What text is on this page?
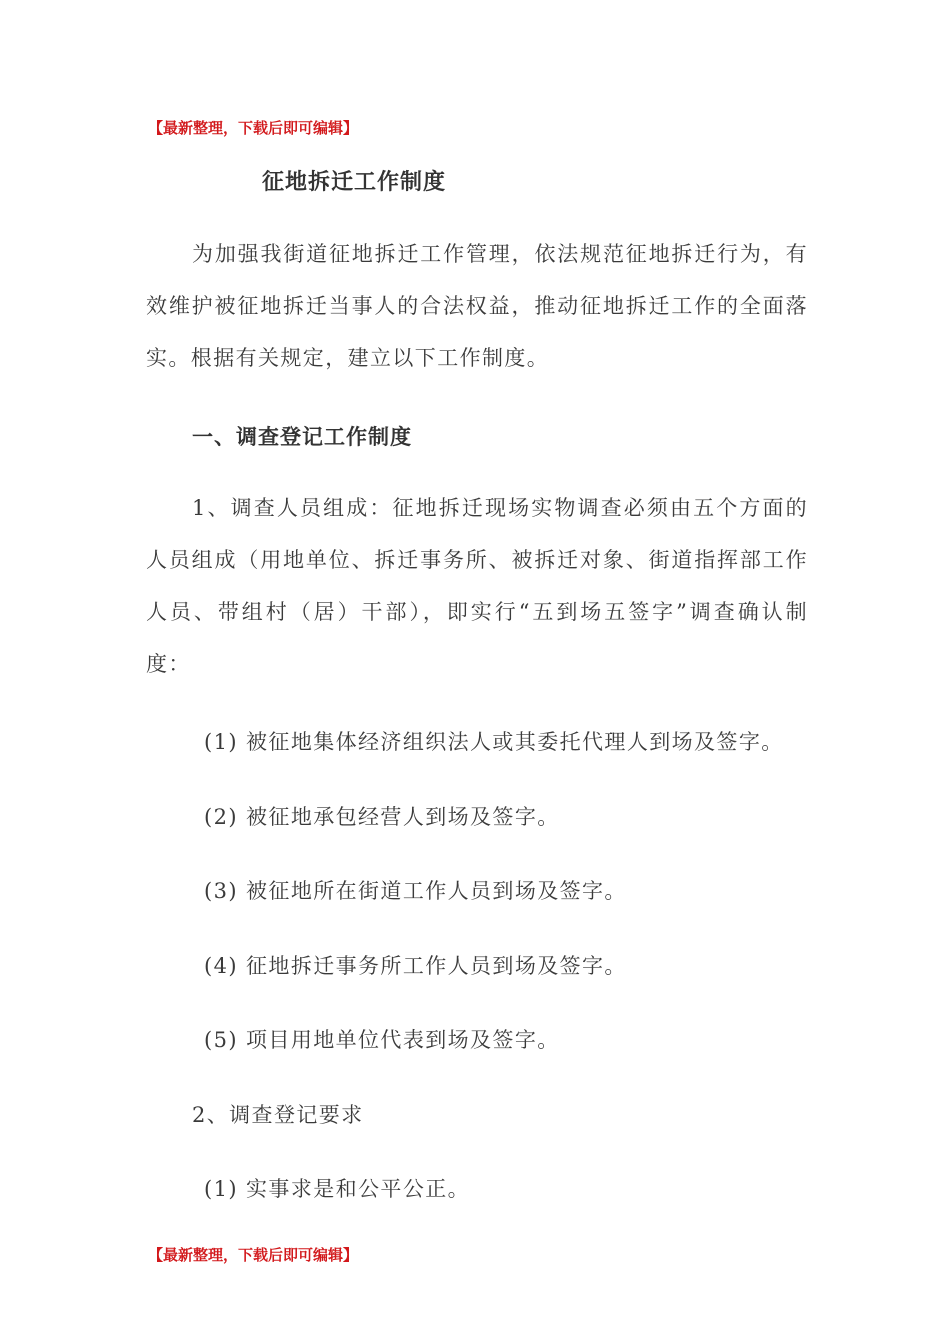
【最新整理，下载后即可编辑】
征地拆迁工作制度

为加强我街道征地拆迁工作管理，依法规范征地拆迁行为，有效维护被征地拆迁当事人的合法权益，推动征地拆迁工作的全面落实。根据有关规定，建立以下工作制度。

一、调查登记工作制度

1、调查人员组成：征地拆迁现场实物调查必须由五个方面的人员组成（用地单位、拆迁事务所、被拆迁对象、街道指挥部工作人员、带组村（居）干部），即实行“五到场五签字”调查确认制度：

(1) 被征地集体经济组织法人或其委托代理人到场及签字。
(2) 被征地承包经营人到场及签字。
(3) 被征地所在街道工作人员到场及签字。
(4) 征地拆迁事务所工作人员到场及签字。
(5) 项目用地单位代表到场及签字。
2、调查登记要求
(1) 实事求是和公平公正。
【最新整理，下载后即可编辑】
